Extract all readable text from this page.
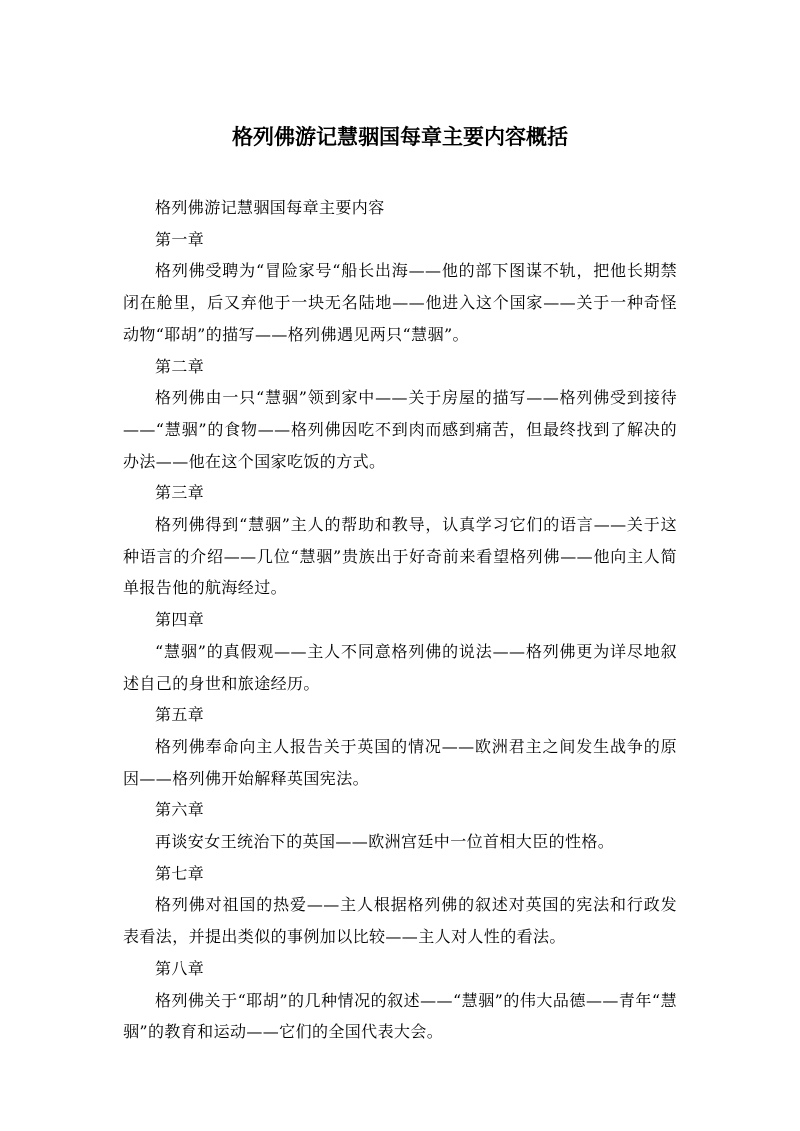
格列佛游记慧骃国每章主要内容概括

格列佛游记慧骃国每章主要内容

第一章

格列佛受聘为“冒险家号“船长出海——他的部下图谋不轨，把他长期禁闭在舱里，后又弃他于一块无名陆地——他进入这个国家——关于一种奇怪动物“耶胡”的描写——格列佛遇见两只“慧骃”。

第二章

格列佛由一只“慧骃”领到家中——关于房屋的描写——格列佛受到接待——“慧骃”的食物——格列佛因吃不到肉而感到痛苦，但最终找到了解决的办法——他在这个国家吃饭的方式。

第三章

格列佛得到“慧骃”主人的帮助和教导，认真学习它们的语言——关于这种语言的介绍——几位“慧骃”贵族出于好奇前来看望格列佛——他向主人简单报告他的航海经过。

第四章

“慧骃”的真假观——主人不同意格列佛的说法——格列佛更为详尽地叙述自己的身世和旅途经历。

第五章

格列佛奉命向主人报告关于英国的情况——欧洲君主之间发生战争的原因——格列佛开始解释英国宪法。

第六章

再谈安女王统治下的英国——欧洲宫廷中一位首相大臣的性格。

第七章

格列佛对祖国的热爱——主人根据格列佛的叙述对英国的宪法和行政发表看法，并提出类似的事例加以比较——主人对人性的看法。

第八章

格列佛关于“耶胡”的几种情况的叙述——“慧骃”的伟大品德——青年“慧骃”的教育和运动——它们的全国代表大会。
